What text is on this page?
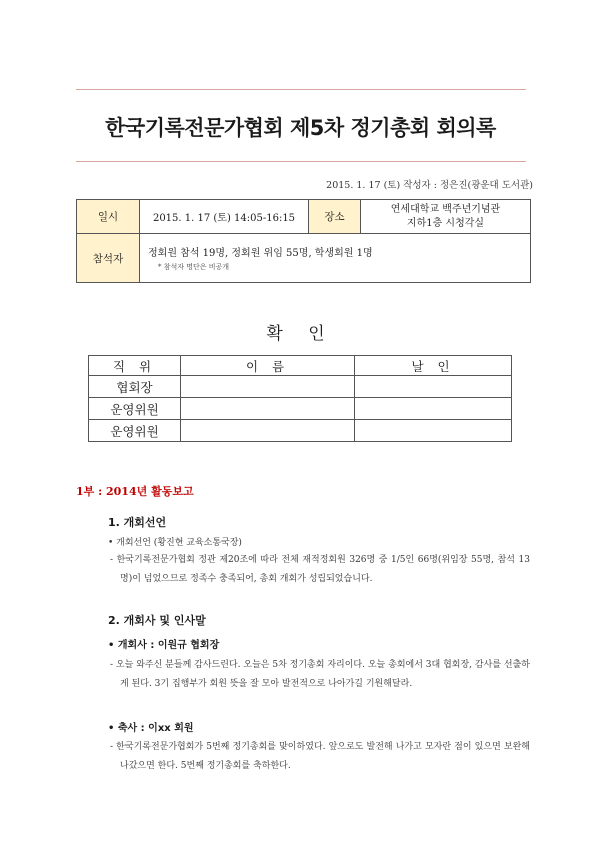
한국기록전문가협회 제5차 정기총회 회의록
2015. 1. 17 (토) 작성자 : 정은진(광운대 도서관)
일시	2015. 1. 17 (토) 14:05-16:15	장소	연세대학교 백주년기념관
지하1층 시청각실

참석자	정회원 참석 19명, 정회원 위임 55명, 학생회원 1명
* 참석자 명단은 비공개		
확 인
직 위	이 름	날 인
협회장		
운영위원		
운영위원		
1부 : 2014년 활동보고
1. 개회선언
• 개회선언 (황진현 교육소통국장)
- 한국기록전문가협회 정관 제20조에 따라 전체 재적정회원 326명 중 1/5인 66명(위임장 55명, 참석 13명)이 넘었으므로 정족수 충족되어, 총회 개회가 성립되었습니다.
2. 개회사 및 인사말
• 개회사 : 이원규 협회장
- 오늘 와주신 분들께 감사드린다. 오늘은 5차 정기총회 자리이다. 오늘 총회에서 3대 협회장, 감사를 선출하게 된다. 3기 집행부가 회원 뜻을 잘 모아 발전적으로 나아가길 기원해달라.
• 축사 : 이xx 회원
- 한국기록전문가협회가 5번째 정기총회를 맞이하였다. 앞으로도 발전해 나가고 모자란 점이 있으면 보완해 나갔으면 한다. 5번째 정기총회를 축하한다.
